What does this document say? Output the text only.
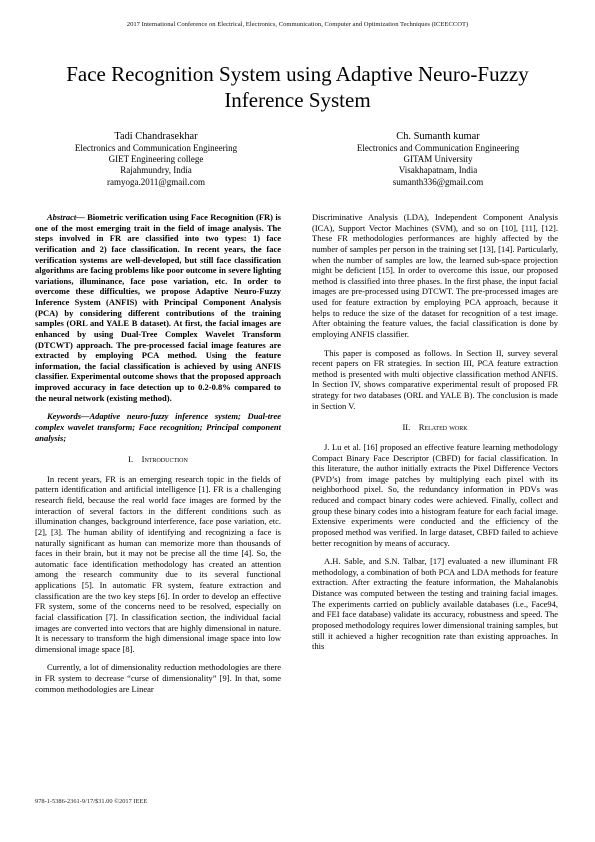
2017 International Conference on Electrical, Electronics, Communication, Computer and Optimization Techniques (ICEECCOT)
Face Recognition System using Adaptive Neuro-Fuzzy Inference System
Tadi Chandrasekhar
Electronics and Communication Engineering
GIET Engineering college
Rajahmundry, India
ramyoga.2011@gmail.com
Ch. Sumanth kumar
Electronics and Communication Engineering
GITAM University
Visakhapatnam, India
sumanth336@gmail.com

Abstract— Biometric verification using Face Recognition (FR) is one of the most emerging trait in the field of image analysis. The steps involved in FR are classified into two types: 1) face verification and 2) face classification. In recent years, the face verification systems are well-developed, but still face classification algorithms are facing problems like poor outcome in severe lighting variations, illuminance, face pose variation, etc. In order to overcome these difficulties, we propose Adaptive Neuro-Fuzzy Inference System (ANFIS) with Principal Component Analysis (PCA) by considering different contributions of the training samples (ORL and YALE B dataset). At first, the facial images are enhanced by using Dual-Tree Complex Wavelet Transform (DTCWT) approach. The pre-processed facial image features are extracted by employing PCA method. Using the feature information, the facial classification is achieved by using ANFIS classifier. Experimental outcome shows that the proposed approach improved accuracy in face detection up to 0.2-0.8% compared to the neural network (existing method).

Keywords—Adaptive neuro-fuzzy inference system; Dual-tree complex wavelet transform; Face recognition; Principal component analysis;

I. Introduction

In recent years, FR is an emerging research topic in the fields of pattern identification and artificial intelligence [1]. FR is a challenging research field, because the real world face images are formed by the interaction of several factors in the different conditions such as illumination changes, background interference, face pose variation, etc. [2], [3]. The human ability of identifying and recognizing a face is naturally significant as human can memorize more than thousands of faces in their brain, but it may not be precise all the time [4]. So, the automatic face identification methodology has created an attention among the research community due to its several functional applications [5]. In automatic FR system, feature extraction and classification are the two key steps [6]. In order to develop an effective FR system, some of the concerns need to be resolved, especially on facial classification [7]. In classification section, the individual facial images are converted into vectors that are highly dimensional in nature. It is necessary to transform the high dimensional image space into low dimensional image space [8].

Currently, a lot of dimensionality reduction methodologies are there in FR system to decrease “curse of dimensionality” [9]. In that, some common methodologies are Linear

Discriminative Analysis (LDA), Independent Component Analysis (ICA), Support Vector Machines (SVM), and so on [10], [11], [12]. These FR methodologies performances are highly affected by the number of samples per person in the training set [13], [14]. Particularly, when the number of samples are low, the learned sub-space projection might be deficient [15]. In order to overcome this issue, our proposed method is classified into three phases. In the first phase, the input facial images are pre-processed using DTCWT. The pre-processed images are used for feature extraction by employing PCA approach, because it helps to reduce the size of the dataset for recognition of a test image. After obtaining the feature values, the facial classification is done by employing ANFIS classifier.

This paper is composed as follows. In Section II, survey several recent papers on FR strategies. In section III, PCA feature extraction method is presented with multi objective classification method ANFIS. In Section IV, shows comparative experimental result of proposed FR strategy for two databases (ORL and YALE B). The conclusion is made in Section V.

II. Related work

J. Lu et al. [16] proposed an effective feature learning methodology Compact Binary Face Descriptor (CBFD) for facial classification. In this literature, the author initially extracts the Pixel Difference Vectors (PVD’s) from image patches by multiplying each pixel with its neighborhood pixel. So, the redundancy information in PDVs was reduced and compact binary codes were achieved. Finally, collect and group these binary codes into a histogram feature for each facial image. Extensive experiments were conducted and the efficiency of the proposed method was verified. In large dataset, CBFD failed to achieve better recognition by means of accuracy.

A.H. Sable, and S.N. Talbar, [17] evaluated a new illuminant FR methodology, a combination of both PCA and LDA methods for feature extraction. After extracting the feature information, the Mahalanobis Distance was computed between the testing and training facial images. The experiments carried on publicly available databases (i.e., Face94, and FEI face database) validate its accuracy, robustness and speed. The proposed methodology requires lower dimensional training samples, but still it achieved a higher recognition rate than existing approaches. In this

978-1-5386-2361-9/17/$31.00 ©2017 IEEE
